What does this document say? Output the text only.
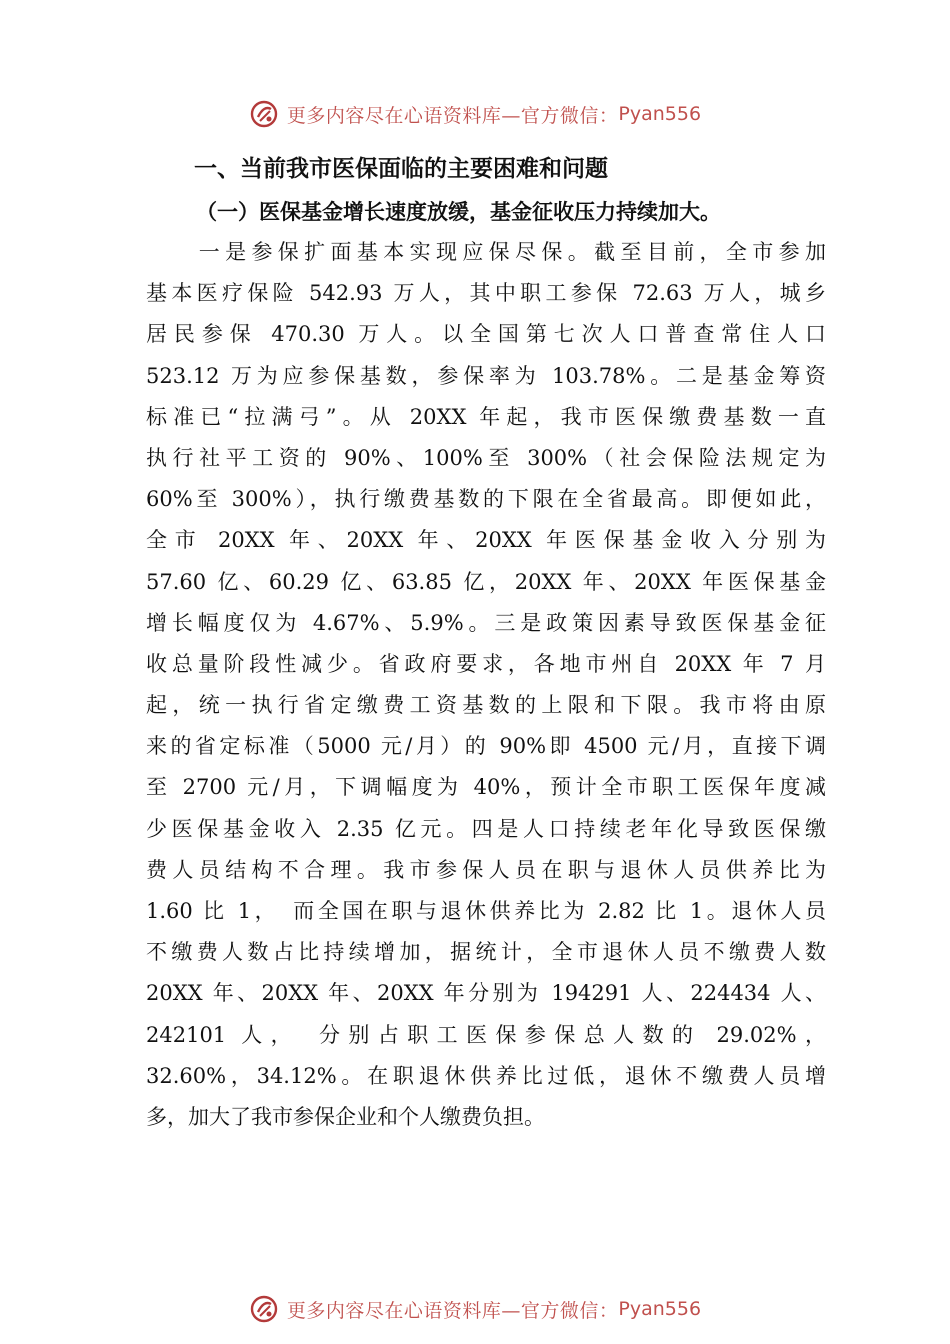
更多内容尽在心语资料库—官方微信： Pyan556
一、当前我市医保面临的主要困难和问题
（一）医保基金增长速度放缓，基金征收压力持续加大。
　　一是参保扩面基本实现应保尽保。截至目前，全市参加
基本医疗保险 542.93 万人，其中职工参保 72.63 万人，城乡
居民参保 470.30 万人。以全国第七次人口普查常住人口
523.12 万为应参保基数，参保率为 103.78%。二是基金筹资
标准已“拉满弓”。从 20XX 年起，我市医保缴费基数一直
执行社平工资的 90%、100%至 300%（社会保险法规定为
60%至 300%），执行缴费基数的下限在全省最高。即便如此，
全市 20XX 年、20XX 年、20XX 年医保基金收入分别为
57.60 亿、60.29 亿、63.85 亿，20XX 年、20XX 年医保基金
增长幅度仅为 4.67%、5.9%。三是政策因素导致医保基金征
收总量阶段性减少。省政府要求，各地市州自 20XX 年 7 月
起，统一执行省定缴费工资基数的上限和下限。我市将由原
来的省定标准（5000 元/月）的 90%即 4500 元/月，直接下调
至 2700 元/月，下调幅度为 40%，预计全市职工医保年度减
少医保基金收入 2.35 亿元。四是人口持续老年化导致医保缴
费人员结构不合理。我市参保人员在职与退休人员供养比为
1.60 比 1，　而全国在职与退休供养比为 2.82 比 1。退休人员
不缴费人数占比持续增加，据统计，全市退休人员不缴费人数
20XX 年、20XX 年、20XX 年分别为 194291 人、224434 人、
242101 人，　分别占职工医保参保总人数的 29.02%，
32.60%，34.12%。在职退休供养比过低，退休不缴费人员增
多，加大了我市参保企业和个人缴费负担。
更多内容尽在心语资料库—官方微信： Pyan556
